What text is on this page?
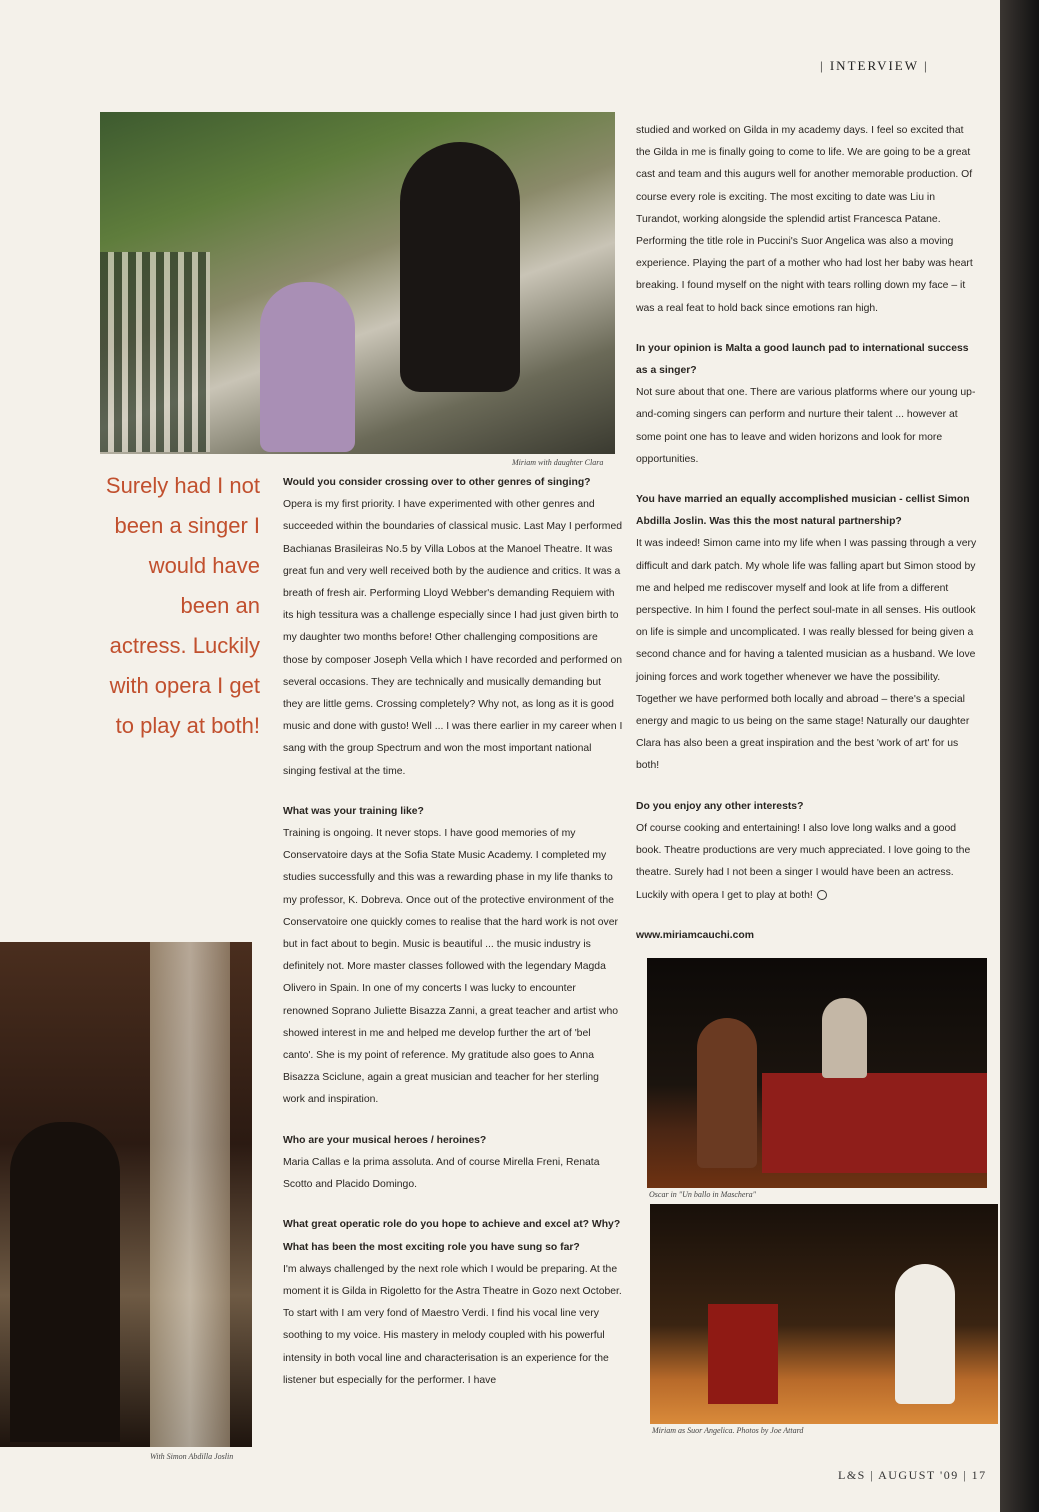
| INTERVIEW |
Miriam with daughter Clara
Surely had I not been a singer I would have been an actress. Luckily with opera I get to play at both!

Would you consider crossing over to other genres of singing?
Opera is my first priority. I have experimented with other genres and succeeded within the boundaries of classical music. Last May I performed Bachianas Brasileiras No.5 by Villa Lobos at the Manoel Theatre. It was great fun and very well received both by the audience and critics. It was a breath of fresh air. Performing Lloyd Webber's demanding Requiem with its high tessitura was a challenge especially since I had just given birth to my daughter two months before! Other challenging compositions are those by composer Joseph Vella which I have recorded and performed on several occasions. They are technically and musically demanding but they are little gems. Crossing completely? Why not, as long as it is good music and done with gusto! Well ... I was there earlier in my career when I sang with the group Spectrum and won the most important national singing festival at the time.

What was your training like?
Training is ongoing. It never stops. I have good memories of my Conservatoire days at the Sofia State Music Academy. I completed my studies successfully and this was a rewarding phase in my life thanks to my professor, K. Dobreva. Once out of the protective environment of the Conservatoire one quickly comes to realise that the hard work is not over but in fact about to begin. Music is beautiful ... the music industry is definitely not. More master classes followed with the legendary Magda Olivero in Spain. In one of my concerts I was lucky to encounter renowned Soprano Juliette Bisazza Zanni, a great teacher and artist who showed interest in me and helped me develop further the art of 'bel canto'. She is my point of reference. My gratitude also goes to Anna Bisazza Sciclune, again a great musician and teacher for her sterling work and inspiration.

Who are your musical heroes / heroines?
Maria Callas e la prima assoluta. And of course Mirella Freni, Renata Scotto and Placido Domingo.

What great operatic role do you hope to achieve and excel at? Why? What has been the most exciting role you have sung so far?
I'm always challenged by the next role which I would be preparing. At the moment it is Gilda in Rigoletto for the Astra Theatre in Gozo next October. To start with I am very fond of Maestro Verdi. I find his vocal line very soothing to my voice. His mastery in melody coupled with his powerful intensity in both vocal line and characterisation is an experience for the listener but especially for the performer. I have

studied and worked on Gilda in my academy days. I feel so excited that the Gilda in me is finally going to come to life. We are going to be a great cast and team and this augurs well for another memorable production. Of course every role is exciting. The most exciting to date was Liu in Turandot, working alongside the splendid artist Francesca Patane. Performing the title role in Puccini's Suor Angelica was also a moving experience. Playing the part of a mother who had lost her baby was heart breaking. I found myself on the night with tears rolling down my face – it was a real feat to hold back since emotions ran high.

In your opinion is Malta a good launch pad to international success as a singer?
Not sure about that one. There are various platforms where our young up-and-coming singers can perform and nurture their talent ... however at some point one has to leave and widen horizons and look for more opportunities.

You have married an equally accomplished musician - cellist Simon Abdilla Joslin. Was this the most natural partnership?
It was indeed! Simon came into my life when I was passing through a very difficult and dark patch. My whole life was falling apart but Simon stood by me and helped me rediscover myself and look at life from a different perspective. In him I found the perfect soul-mate in all senses. His outlook on life is simple and uncomplicated. I was really blessed for being given a second chance and for having a talented musician as a husband. We love joining forces and work together whenever we have the possibility. Together we have performed both locally and abroad – there's a special energy and magic to us being on the same stage! Naturally our daughter Clara has also been a great inspiration and the best 'work of art' for us both!

Do you enjoy any other interests?
Of course cooking and entertaining! I also love long walks and a good book. Theatre productions are very much appreciated. I love going to the theatre. Surely had I not been a singer I would have been an actress. Luckily with opera I get to play at both!

www.miriamcauchi.com

With Simon Abdilla Joslin
Oscar in "Un ballo in Maschera"
Miriam as Suor Angelica. Photos by Joe Attard
L&S | AUGUST '09 | 17
